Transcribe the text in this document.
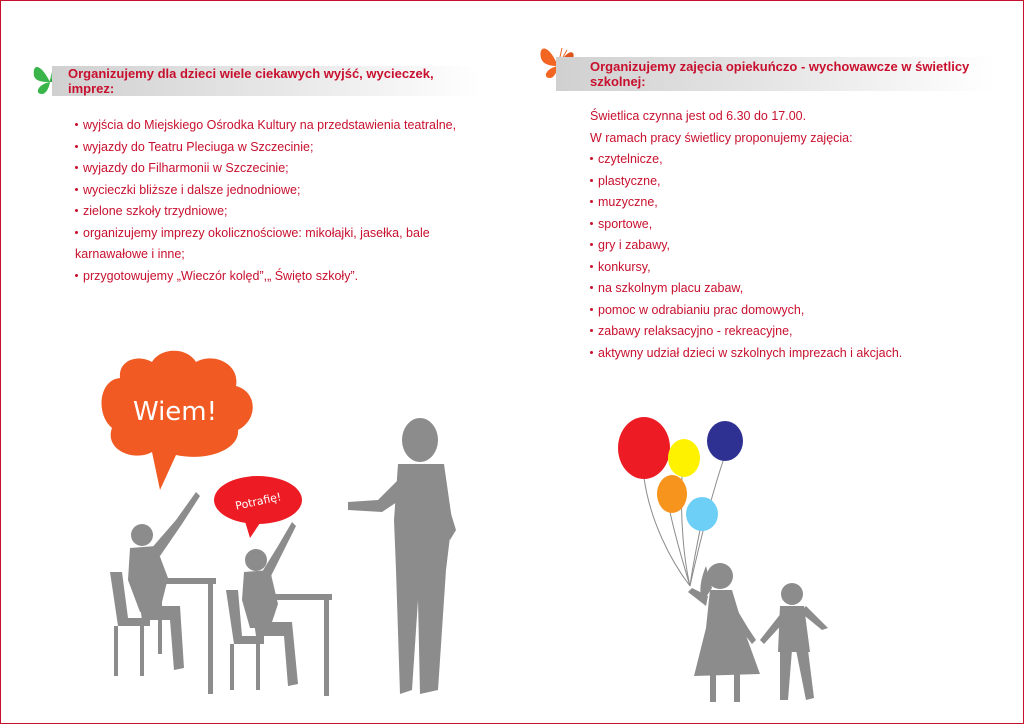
Organizujemy dla dzieci wiele ciekawych wyjść, wycieczek, imprez:
wyjścia do Miejskiego Ośrodka Kultury na przedstawienia teatralne,
wyjazdy do Teatru Pleciuga w Szczecinie;
wyjazdy do Filharmonii w Szczecinie;
wycieczki bliższe i dalsze jednodniowe;
zielone szkoły trzydniowe;
organizujemy imprezy okolicznościowe: mikołajki, jasełka, bale
karnawałowe i inne;
przygotowujemy „Wieczór kolęd”,„ Święto szkoły”.
Organizujemy zajęcia opiekuńczo - wychowawcze w świetlicy szkolnej:

Świetlica czynna jest od 6.30 do 17.00.

W ramach pracy świetlicy proponujemy zajęcia:

czytelnicze,
plastyczne,
muzyczne,
sportowe,
gry i zabawy,
konkursy,
na szkolnym placu zabaw,
pomoc w odrabianiu prac domowych,
zabawy relaksacyjno - rekreacyjne,
aktywny udział dzieci w szkolnych imprezach i akcjach.
Wiem!
Potrafię!
